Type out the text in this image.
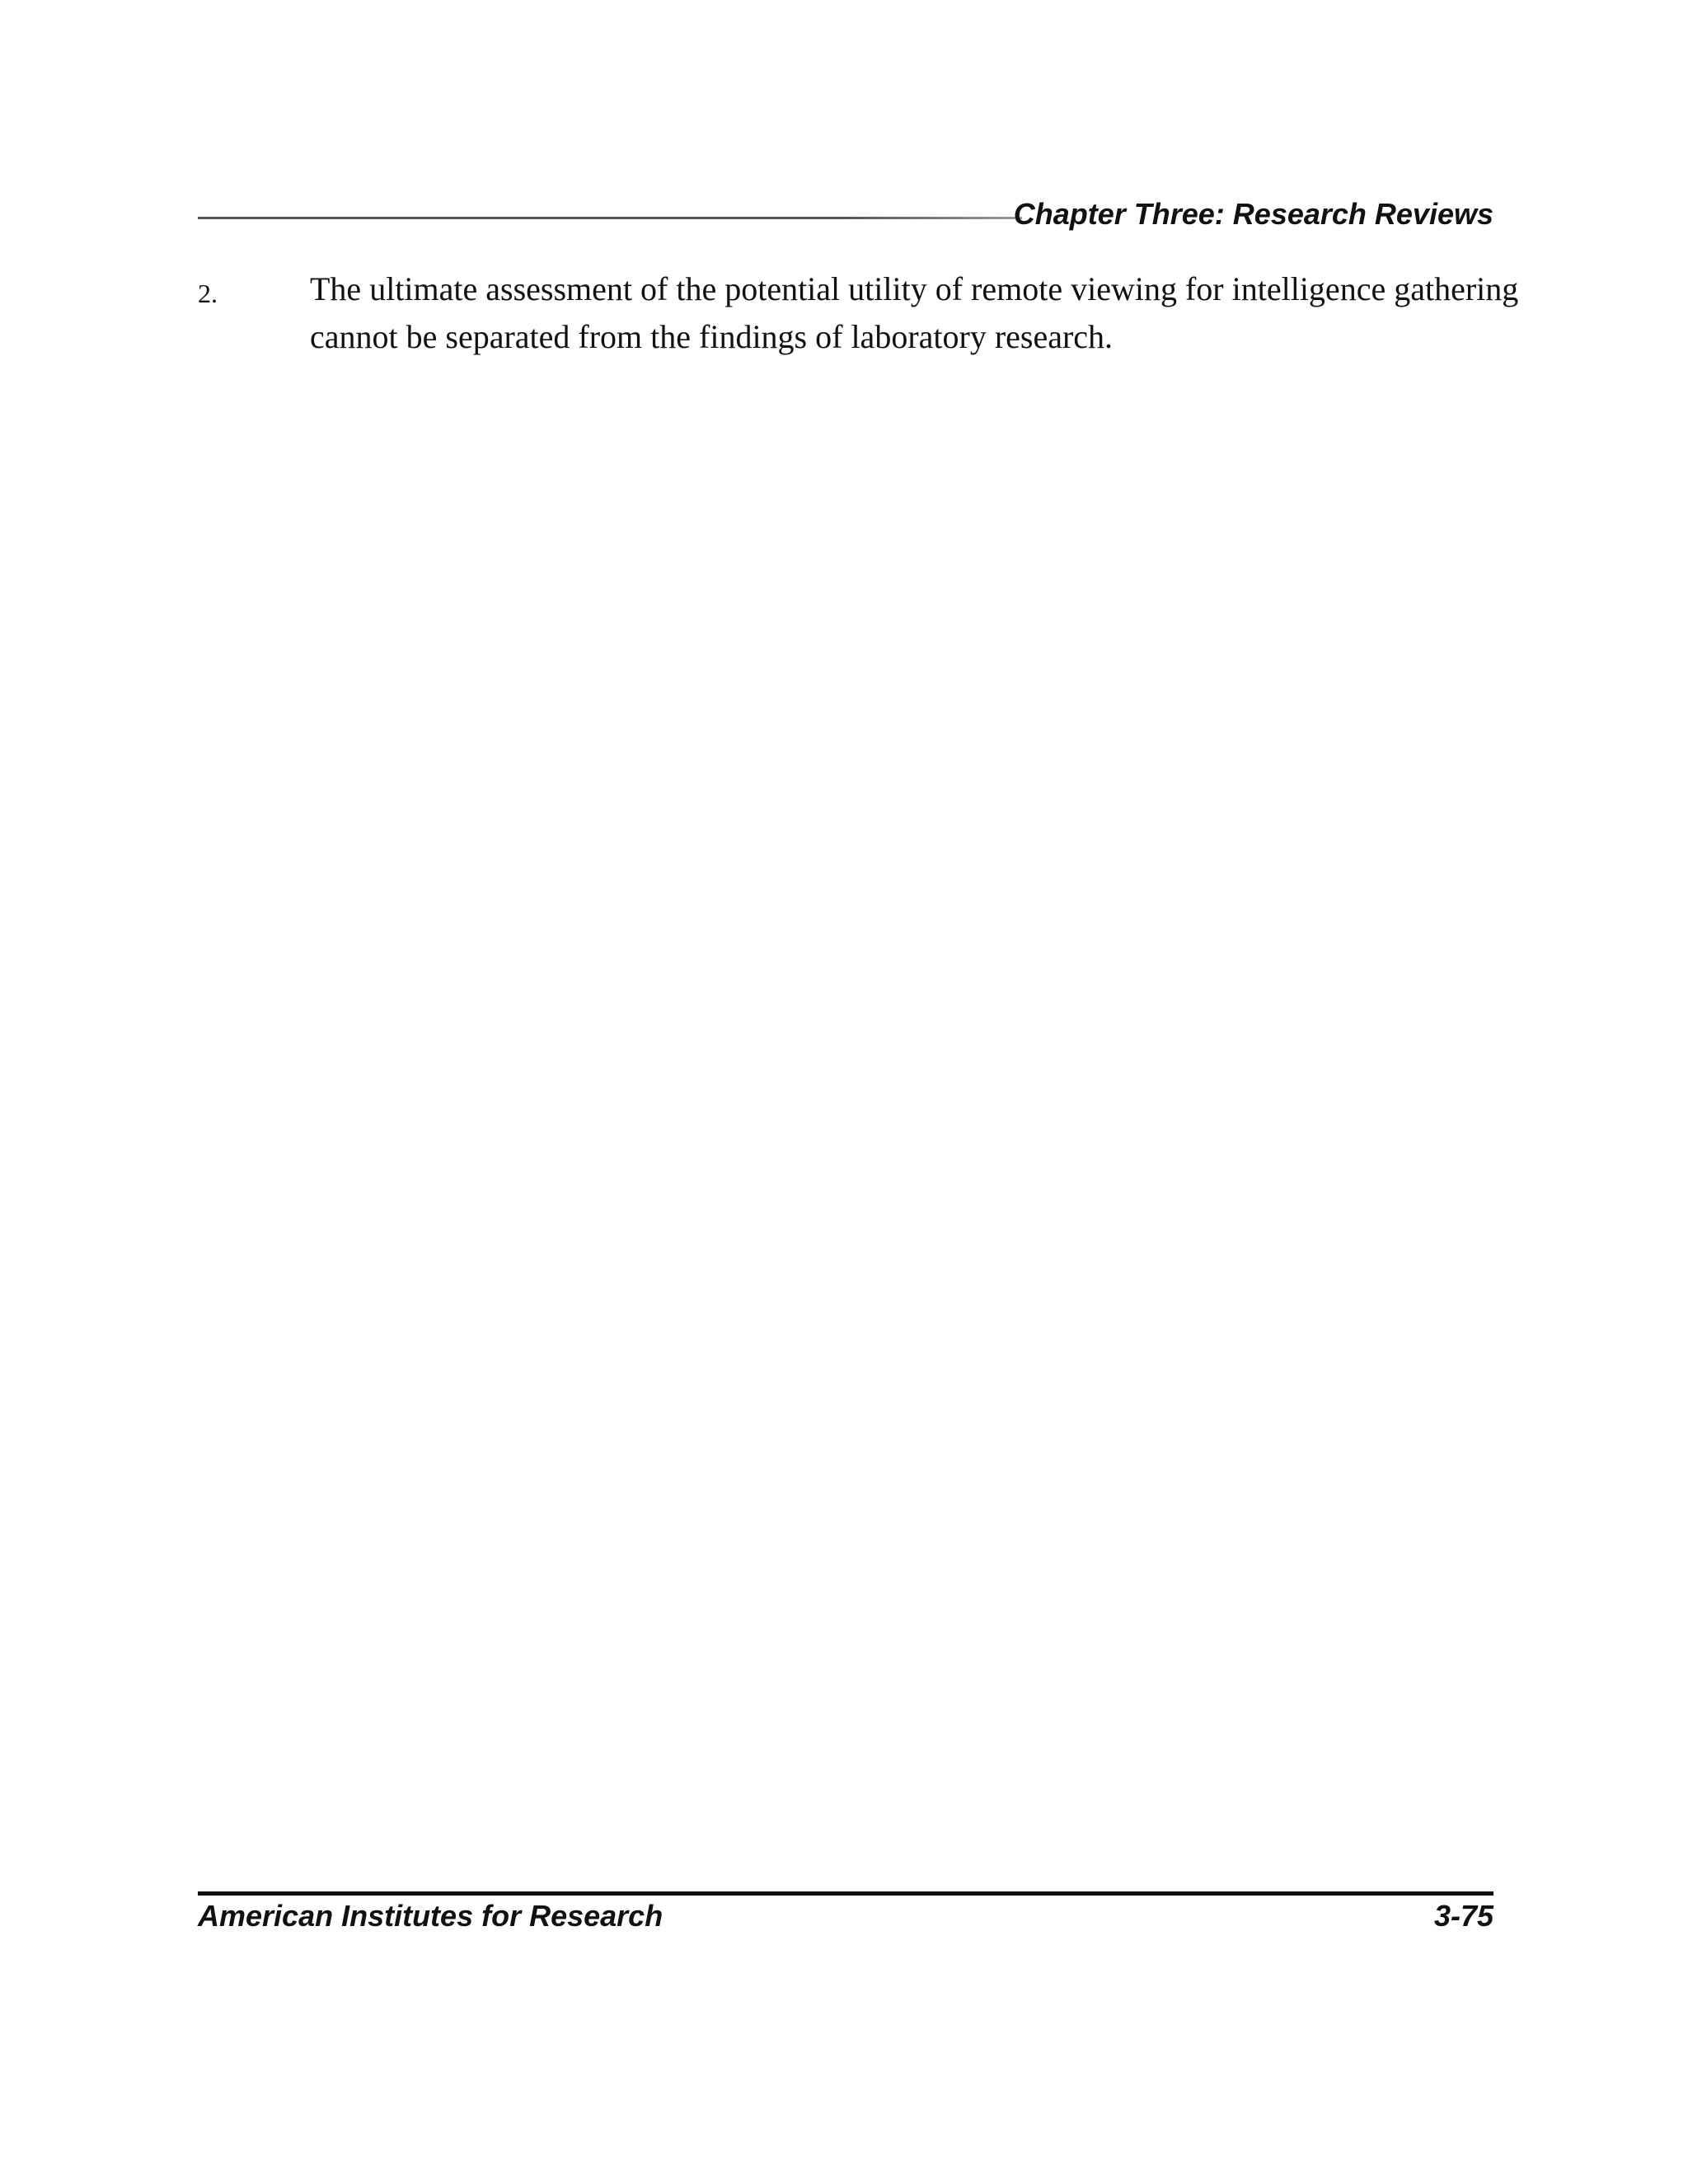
Chapter Three: Research Reviews
2.	The ultimate assessment of the potential utility of remote viewing for intelligence gathering cannot be separated from the findings of laboratory research.
American Institutes for Research	3-75
